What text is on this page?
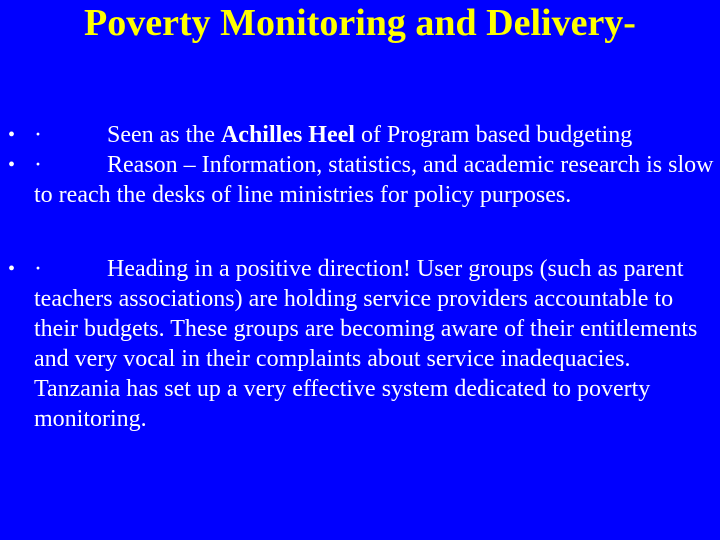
Poverty Monitoring and Delivery-
• ·	Seen as the Achilles Heel of Program based budgeting
• ·	Reason – Information, statistics, and academic research is slow to reach the desks of line ministries for policy purposes.
• ·	Heading in a positive direction! User groups (such as parent teachers associations) are holding service providers accountable to their budgets. These groups are becoming aware of their entitlements and very vocal in their complaints about service inadequacies. Tanzania has set up a very effective system dedicated to poverty monitoring.
